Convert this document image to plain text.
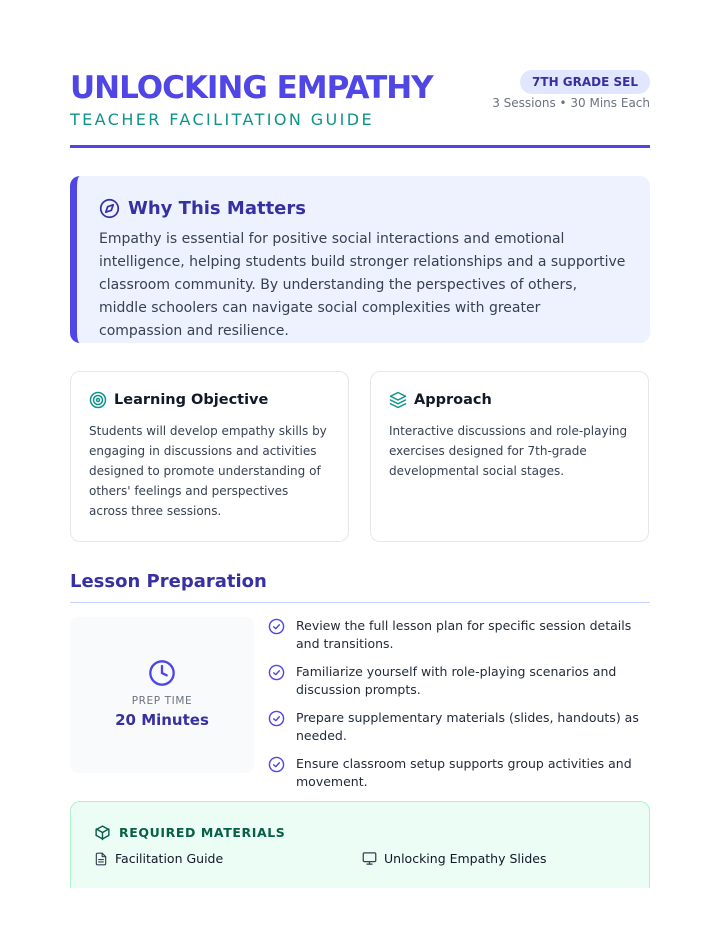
UNLOCKING EMPATHY
TEACHER FACILITATION GUIDE
7TH GRADE SEL
3 Sessions • 30 Mins Each
Why This Matters

Empathy is essential for positive social interactions and emotional intelligence, helping students build stronger relationships and a supportive classroom community. By understanding the perspectives of others, middle schoolers can navigate social complexities with greater compassion and resilience.

Learning Objective

Students will develop empathy skills by engaging in discussions and activities designed to promote understanding of others' feelings and perspectives across three sessions.

Approach

Interactive discussions and role-playing exercises designed for 7th-grade developmental social stages.

Lesson Preparation
PREP TIME
20 Minutes
Review the full lesson plan for specific session details and transitions.
Familiarize yourself with role-playing scenarios and discussion prompts.
Prepare supplementary materials (slides, handouts) as needed.
Ensure classroom setup supports group activities and movement.
REQUIRED MATERIALS
Facilitation Guide	Unlocking Empathy Slides
